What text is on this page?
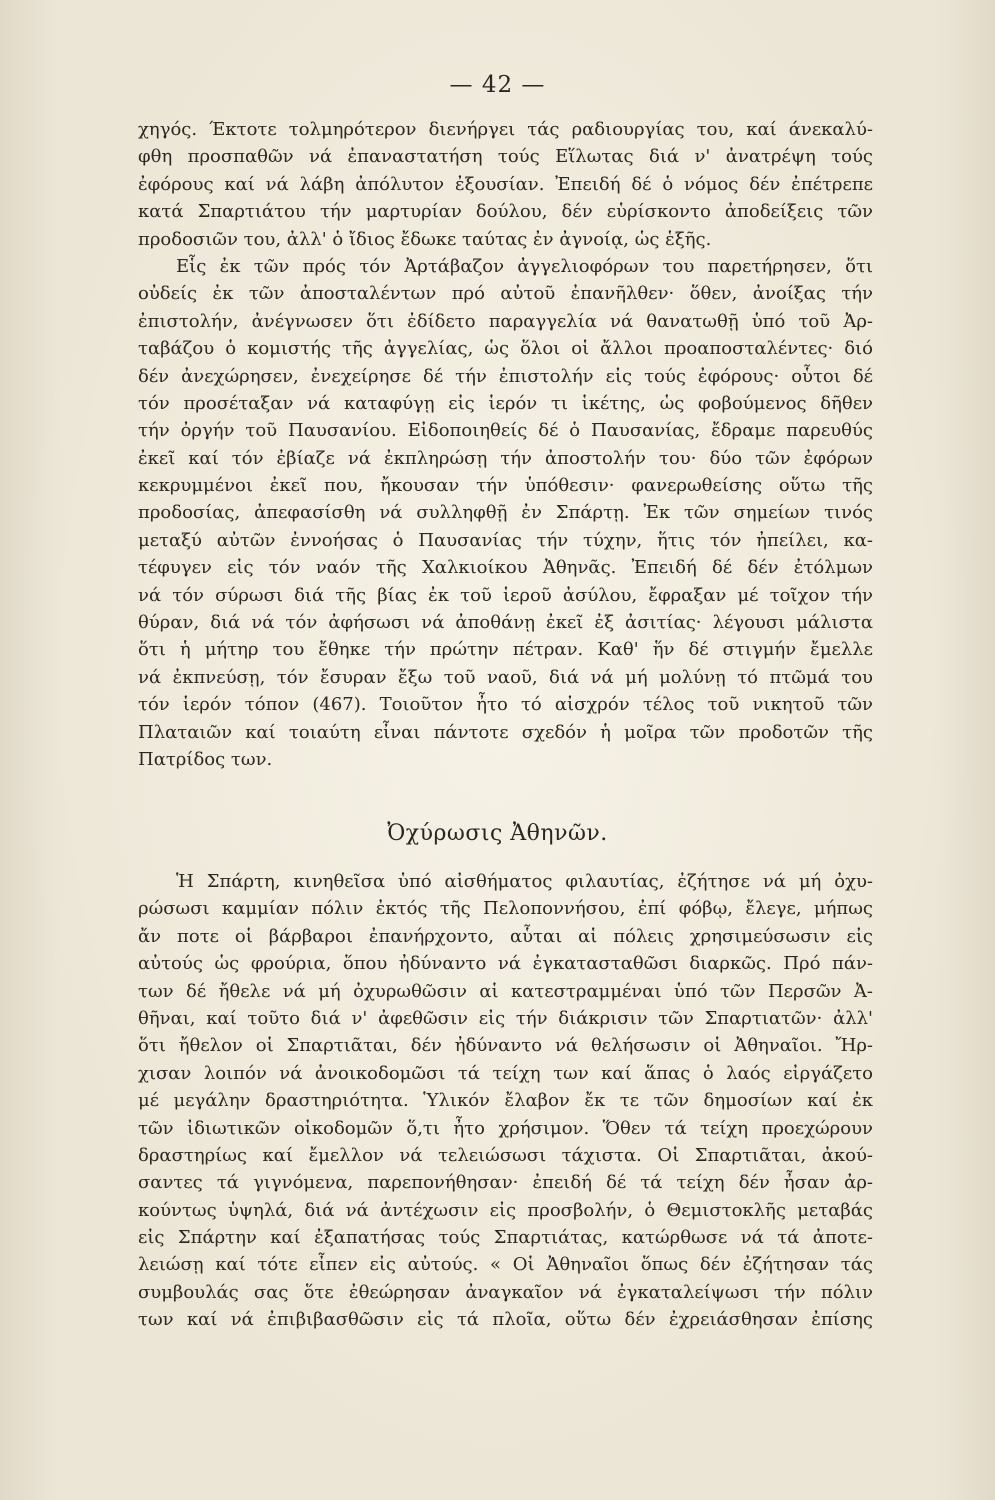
— 42 —
χηγός. Έκτοτε τολμηρότερον διενήργει τάς ραδιουργίας του, καί άνεκαλύ-
φθη προσπαθῶν νά ἐπαναστατήση τούς Εἵλωτας διά ν' ἀνατρέψη τούς
ἐφόρους καί νά λάβη ἀπόλυτον ἐξουσίαν. Ἐπειδή δέ ὁ νόμος δέν ἐπέτρεπε
κατά Σπαρτιάτου τήν μαρτυρίαν δούλου, δέν εὑρίσκοντο ἀποδείξεις τῶν
προδοσιῶν του, ἀλλ' ὁ ἴδιος ἔδωκε ταύτας ἐν ἀγνοίᾳ, ὡς ἑξῆς.
Εἷς ἐκ τῶν πρός τόν Ἀρτάβαζον ἀγγελιοφόρων του παρετήρησεν, ὅτι
οὐδείς ἐκ τῶν ἀποσταλέντων πρό αὐτοῦ ἐπανῆλθεν· ὅθεν, ἀνοίξας τήν
ἐπιστολήν, ἀνέγνωσεν ὅτι ἐδίδετο παραγγελία νά θανατωθῇ ὑπό τοῦ Ἀρ-
ταβάζου ὁ κομιστής τῆς ἀγγελίας, ὡς ὅλοι οἱ ἄλλοι προαποσταλέντες· διό
δέν ἀνεχώρησεν, ἐνεχείρησε δέ τήν ἐπιστολήν εἰς τούς ἐφόρους· οὗτοι δέ
τόν προσέταξαν νά καταφύγῃ εἰς ἱερόν τι ἱκέτης, ὡς φοβούμενος δῆθεν
τήν ὀργήν τοῦ Παυσανίου. Εἰδοποιηθείς δέ ὁ Παυσανίας, ἔδραμε παρευθύς
ἐκεῖ καί τόν ἐβίαζε νά ἐκπληρώσῃ τήν ἀποστολήν του· δύο τῶν ἐφόρων
κεκρυμμένοι ἐκεῖ που, ἤκουσαν τήν ὑπόθεσιν· φανερωθείσης οὕτω τῆς
προδοσίας, ἀπεφασίσθη νά συλληφθῇ ἐν Σπάρτῃ. Ἐκ τῶν σημείων τινός
μεταξύ αὐτῶν ἐννοήσας ὁ Παυσανίας τήν τύχην, ἥτις τόν ἠπείλει, κα-
τέφυγεν εἰς τόν ναόν τῆς Χαλκιοίκου Ἀθηνᾶς. Ἐπειδή δέ δέν ἐτόλμων
νά τόν σύρωσι διά τῆς βίας ἐκ τοῦ ἱεροῦ ἀσύλου, ἔφραξαν μέ τοῖχον τήν
θύραν, διά νά τόν ἀφήσωσι νά ἀποθάνῃ ἐκεῖ ἐξ ἀσιτίας· λέγουσι μάλιστα
ὅτι ἡ μήτηρ του ἔθηκε τήν πρώτην πέτραν. Καθ' ἥν δέ στιγμήν ἔμελλε
νά ἐκπνεύσῃ, τόν ἔσυραν ἔξω τοῦ ναοῦ, διά νά μή μολύνῃ τό πτῶμά του
τόν ἱερόν τόπον (467). Τοιοῦτον ἦτο τό αἰσχρόν τέλος τοῦ νικητοῦ τῶν
Πλαταιῶν καί τοιαύτη εἶναι πάντοτε σχεδόν ἡ μοῖρα τῶν προδοτῶν τῆς
Πατρίδος των.
Ὀχύρωσις Ἀθηνῶν.
Ἡ Σπάρτη, κινηθεῖσα ὑπό αἰσθήματος φιλαυτίας, ἐζήτησε νά μή ὀχυ-
ρώσωσι καμμίαν πόλιν ἐκτός τῆς Πελοποννήσου, ἐπί φόβῳ, ἔλεγε, μήπως
ἄν ποτε οἱ βάρβαροι ἐπανήρχοντο, αὗται αἱ πόλεις χρησιμεύσωσιν εἰς
αὐτούς ὡς φρούρια, ὅπου ἠδύναντο νά ἐγκατασταθῶσι διαρκῶς. Πρό πάν-
των δέ ἤθελε νά μή ὀχυρωθῶσιν αἱ κατεστραμμέναι ὑπό τῶν Περσῶν Ἀ-
θῆναι, καί τοῦτο διά ν' ἀφεθῶσιν εἰς τήν διάκρισιν τῶν Σπαρτιατῶν· ἀλλ'
ὅτι ἤθελον οἱ Σπαρτιᾶται, δέν ἠδύναντο νά θελήσωσιν οἱ Ἀθηναῖοι. Ἤρ-
χισαν λοιπόν νά ἀνοικοδομῶσι τά τείχη των καί ἅπας ὁ λαός εἰργάζετο
μέ μεγάλην δραστηριότητα. Ὑλικόν ἔλαβον ἔκ τε τῶν δημοσίων καί ἐκ
τῶν ἰδιωτικῶν οἰκοδομῶν ὅ,τι ἦτο χρήσιμον. Ὅθεν τά τείχη προεχώρουν
δραστηρίως καί ἔμελλον νά τελειώσωσι τάχιστα. Οἱ Σπαρτιᾶται, ἀκού-
σαντες τά γιγνόμενα, παρεπονήθησαν· ἐπειδή δέ τά τείχη δέν ἦσαν ἀρ-
κούντως ὑψηλά, διά νά ἀντέχωσιν εἰς προσβολήν, ὁ Θεμιστοκλῆς μεταβάς
εἰς Σπάρτην καί ἐξαπατήσας τούς Σπαρτιάτας, κατώρθωσε νά τά ἀποτε-
λειώσῃ καί τότε εἶπεν εἰς αὐτούς. « Οἱ Ἀθηναῖοι ὅπως δέν ἐζήτησαν τάς
συμβουλάς σας ὅτε ἐθεώρησαν ἀναγκαῖον νά ἐγκαταλείψωσι τήν πόλιν
των καί νά ἐπιβιβασθῶσιν εἰς τά πλοῖα, οὕτω δέν ἐχρειάσθησαν ἐπίσης
